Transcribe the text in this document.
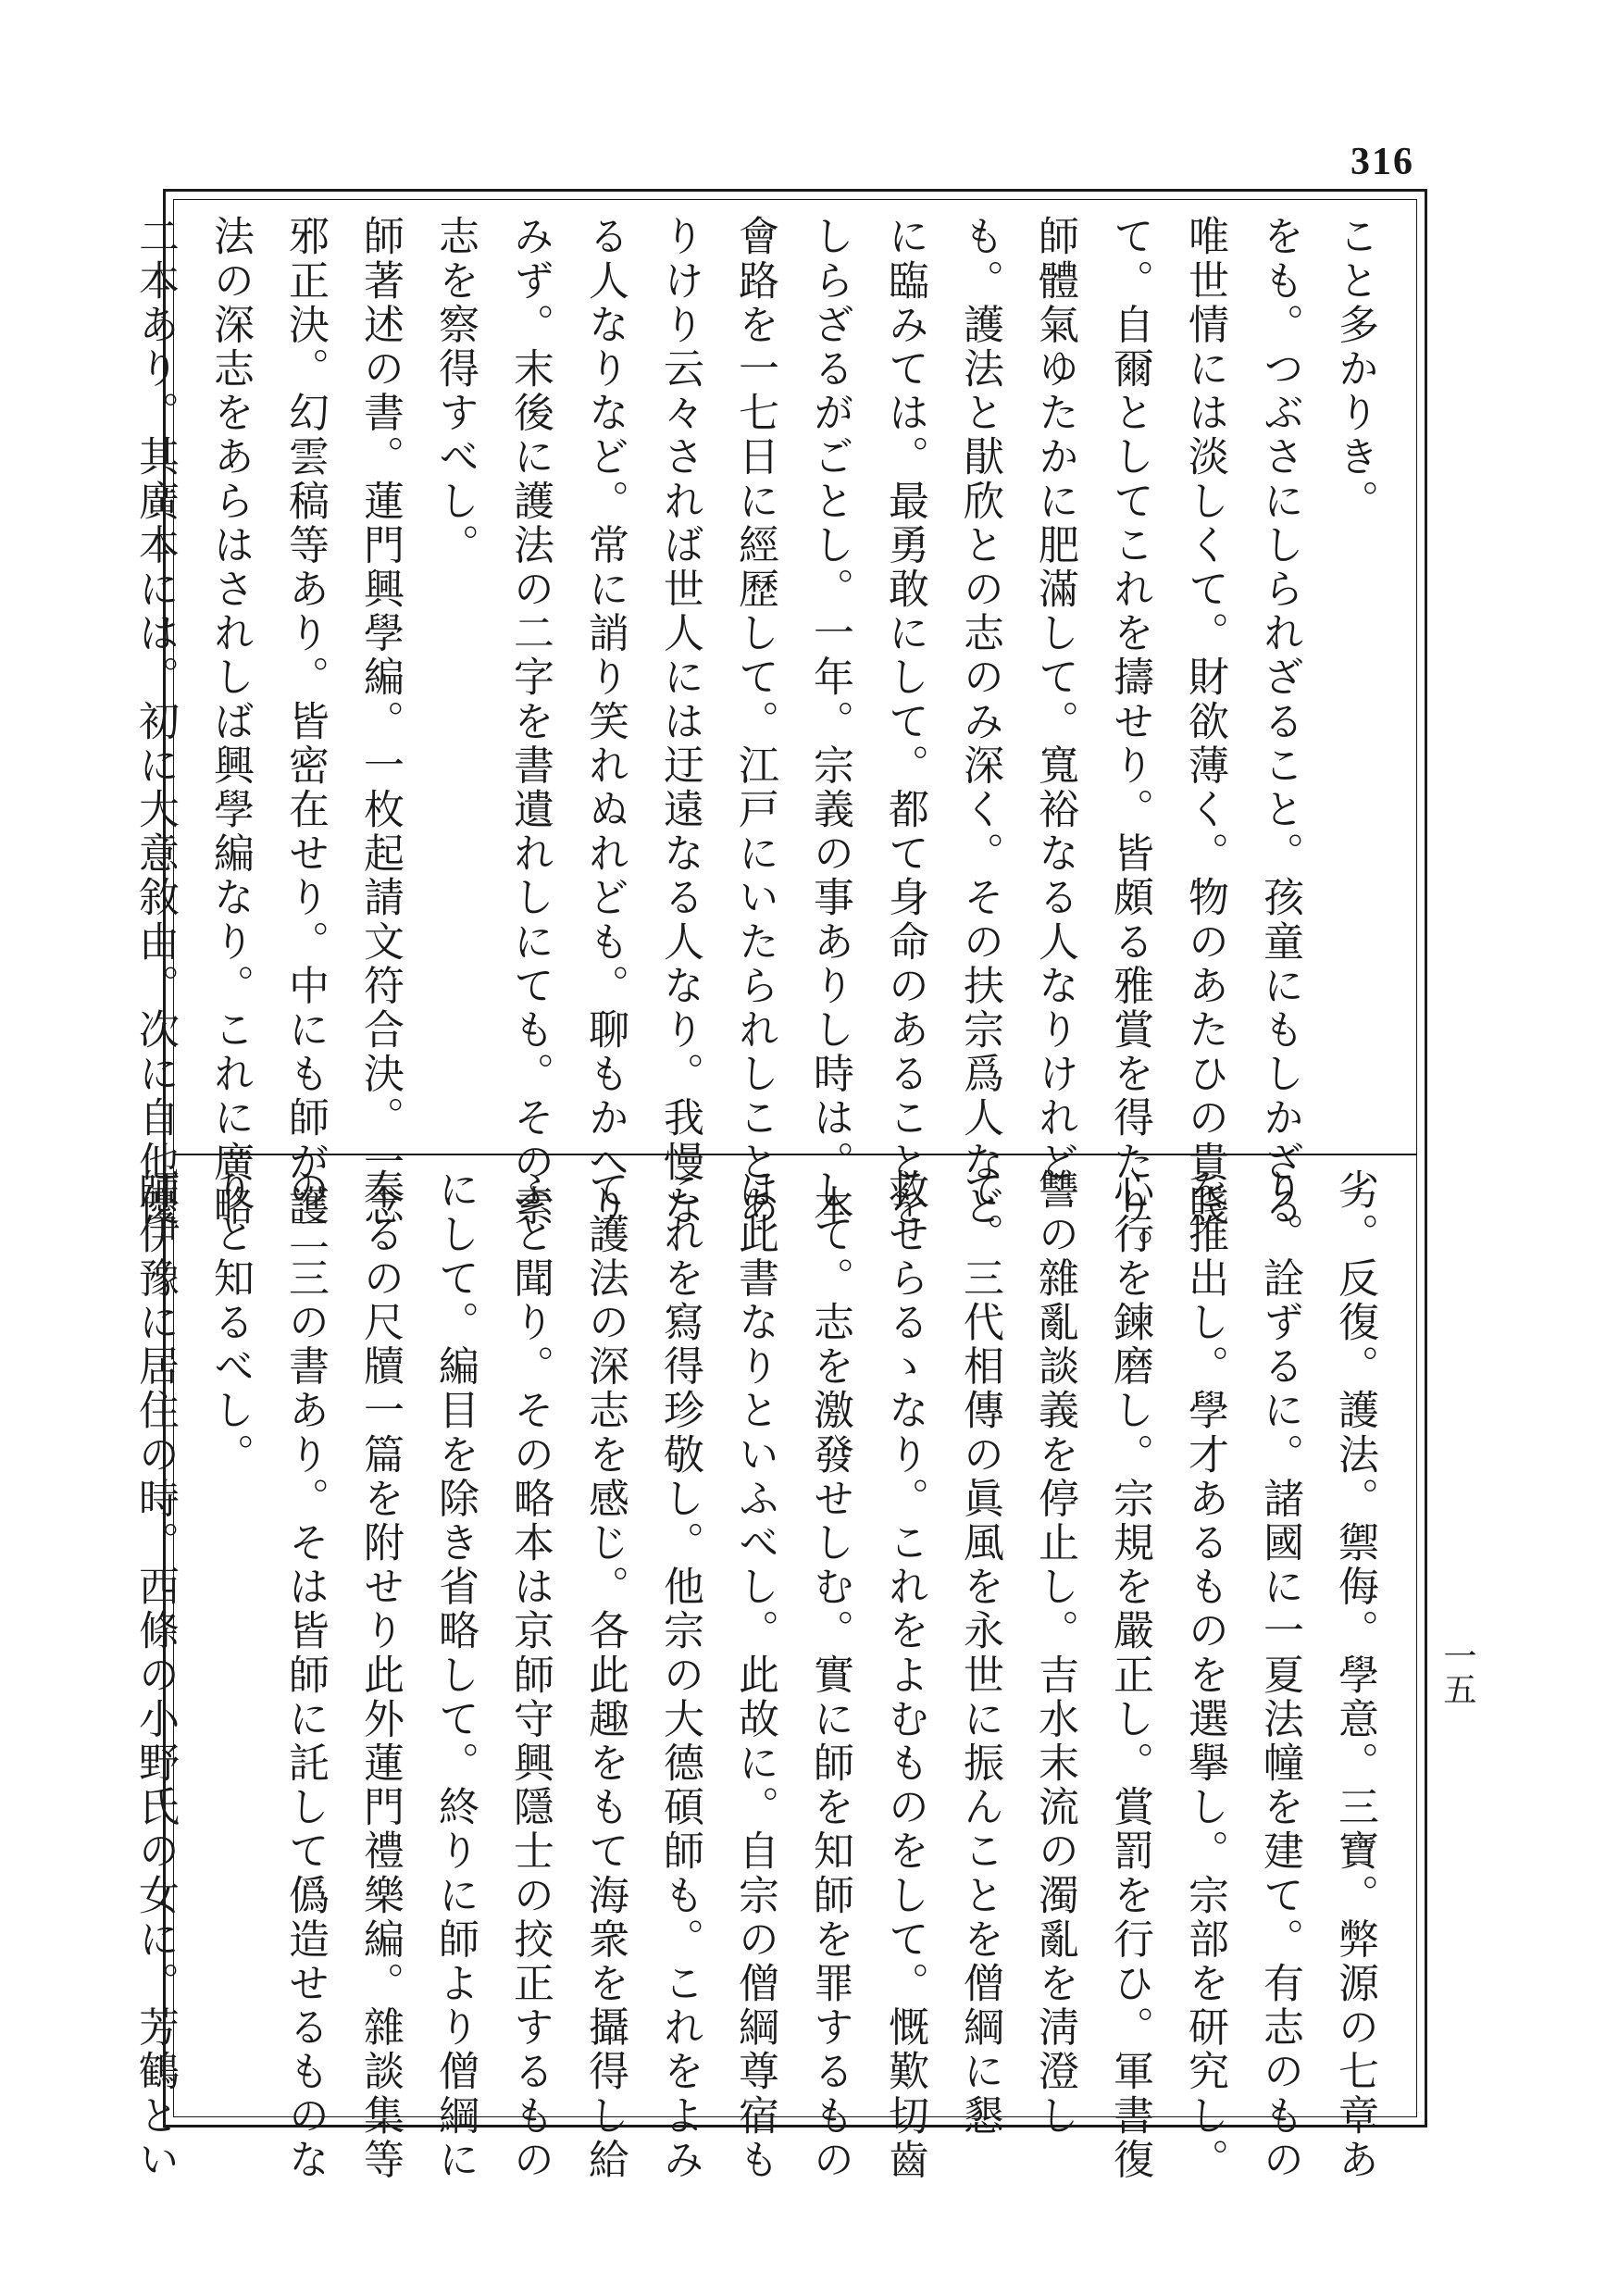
316
こと多かりき。
をも。つぶさにしられざること。孩童にもしかざる
唯世情には淡しくて。財欲薄く。物のあたひの貴賤
て。自爾としてこれを擣せり。皆頗る雅賞を得たり。
師體氣ゆたかに肥滿して。寬裕なる人なりけれど
も。護法と猒欣との志のみ深く。その扶宗爲人など
に臨みては。最勇敢にして。都て身命のあることを
しらざるがごとし。一年。宗義の事ありし時は。本
會路を一七日に經歷して。江戸にいたられしことあ
りけり云々されば世人には迂遠なる人なり。我慢な
る人なりなど。常に誚り笑れぬれども。聊もかへり
みず。末後に護法の二字を書遺れしにても。その素
志を察得すべし。
師著述の書。蓮門興學編。一枚起請文符合決。一念
邪正決。幻雲稿等あり。皆密在せり。中にも師が護
法の深志をあらはされしば興學編なり。これに廣略
二本あり。其廣本には。初に大意敘由。次に自他優
劣。反復。護法。禦侮。學意。三寶。弊源の七章あ
り。詮ずるに。諸國に一夏法幢を建て。有志のもの
を推出し。學才あるものを選擧し。宗部を研究し。
心行を鍊磨し。宗規を嚴正し。賞罰を行ひ。軍書復
讐の雜亂談義を停止し。吉水末流の濁亂を淸澄し
て。三代相傳の眞風を永世に振んことを僧綱に懇
救せらるゝなり。これをよむものをして。慨歎切齒
して。志を激發せしむ。實に師を知師を罪するもの
は此書なりといふべし。此故に。自宗の僧綱尊宿も
これを寫得珍敬し。他宗の大德碩師も。これをよみ
て護法の深志を感じ。各此趣をもて海衆を攝得し給
ふと聞り。その略本は京師守興隱士の挍正するもの
にして。編目を除き省略して。終りに師より僧綱に
奉るの尺牘一篇を附せり此外蓮門禮樂編。雜談集等
の二三の書あり。そは皆師に託して僞造せるものな
りと知るべし。
師伊豫に居住の時。西條の小野氏の女に。芳鶴とい	一五
